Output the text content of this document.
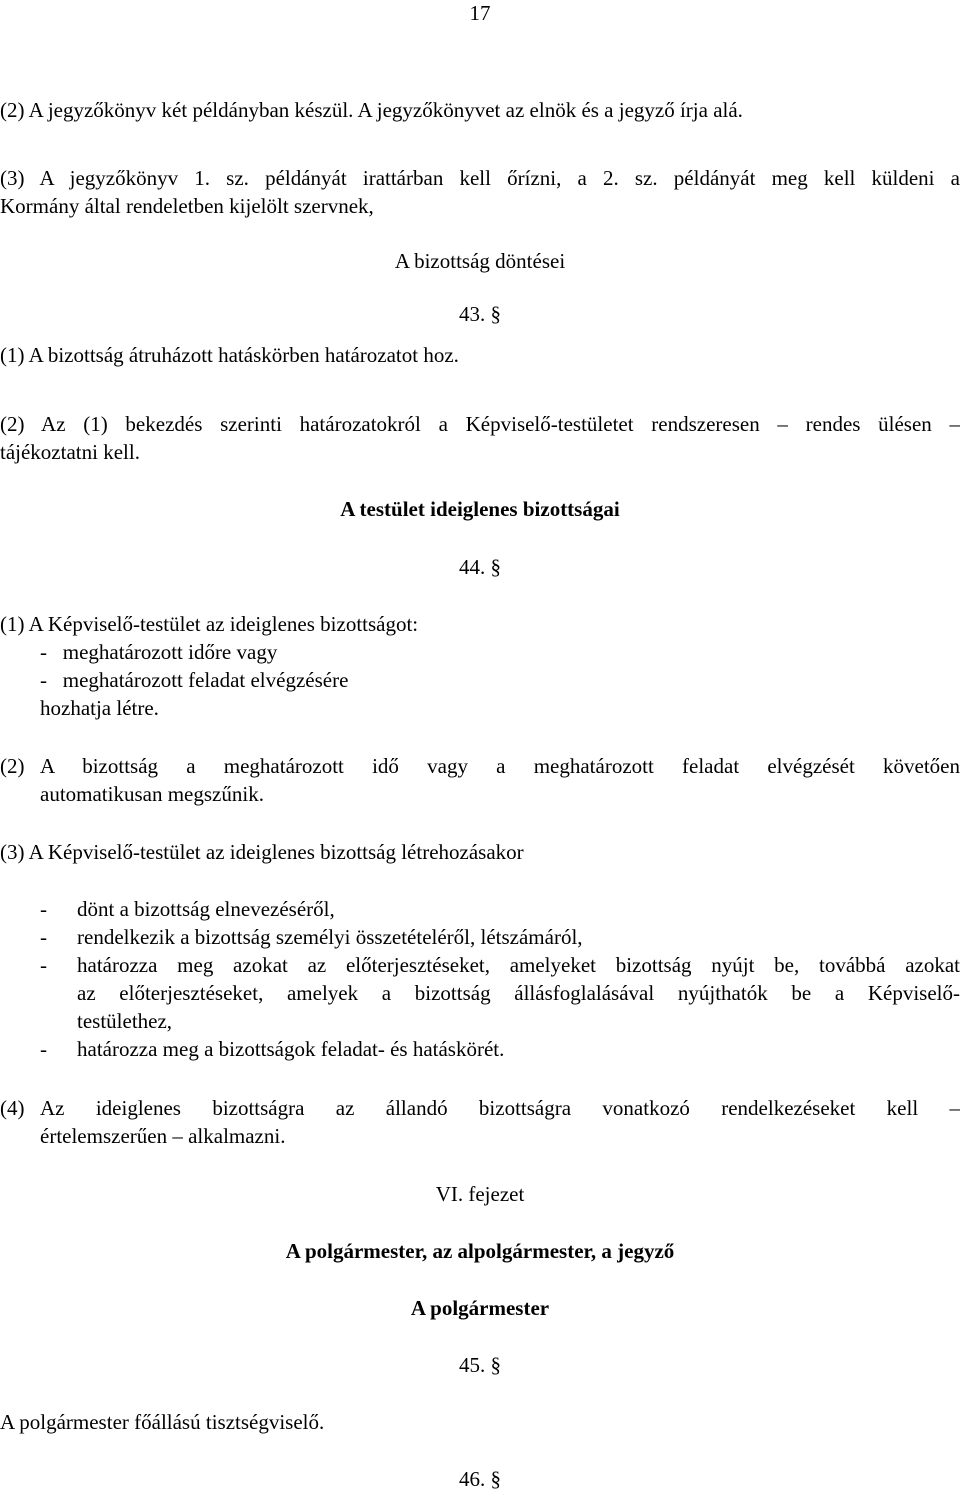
17
(2) A jegyzőkönyv két példányban készül. A jegyzőkönyvet az elnök és a jegyző írja alá.
(3) A jegyzőkönyv 1. sz. példányát irattárban kell őrízni, a 2. sz. példányát meg kell küldeni a
Kormány által rendeletben kijelölt szervnek,
A bizottság döntései
43. §
(1) A bizottság átruházott hatáskörben határozatot hoz.
(2) Az (1) bekezdés szerinti határozatokról a Képviselő-testületet rendszeresen – rendes ülésen –
tájékoztatni kell.
A testület ideiglenes bizottságai
44. §
(1) A Képviselő-testület az ideiglenes bizottságot:
-   meghatározott időre vagy
-   meghatározott feladat elvégzésére
hozhatja létre.
(2) A bizottság a meghatározott idő vagy a meghatározott feladat elvégzését követően
automatikusan megszűnik.
(3) A Képviselő-testület az ideiglenes bizottság létrehozásakor
- dönt a bizottság elnevezéséről,
- rendelkezik a bizottság személyi összetételéről, létszámáról,
- határozza meg azokat az előterjesztéseket, amelyeket bizottság nyújt be, továbbá azokat
az előterjesztéseket, amelyek a bizottság állásfoglalásával nyújthatók be a Képviselő-
testülethez,
- határozza meg a bizottságok feladat- és hatáskörét.
(4) Az ideiglenes bizottságra az állandó bizottságra vonatkozó rendelkezéseket kell –
értelemszerűen – alkalmazni.
VI. fejezet
A polgármester, az alpolgármester, a jegyző
A polgármester
45. §
A polgármester főállású tisztségviselő.
46. §
